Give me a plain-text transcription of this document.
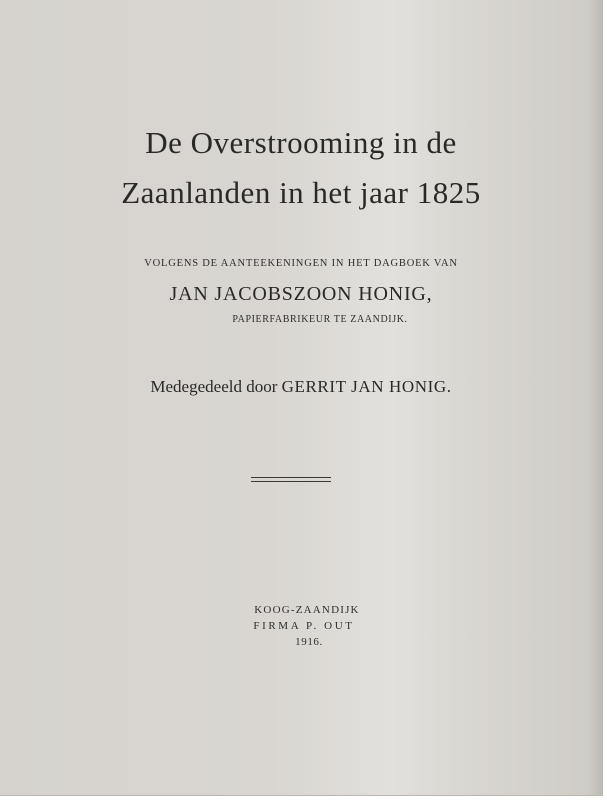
De Overstrooming in de
Zaanlanden in het jaar 1825
VOLGENS DE AANTEEKENINGEN IN HET DAGBOEK VAN
JAN JACOBSZOON HONIG,
PAPIERFABRIKEUR TE ZAANDIJK.
Medegedeeld door GERRIT JAN HONIG.
KOOG-ZAANDIJK
FIRMA P. OUT
1916.
